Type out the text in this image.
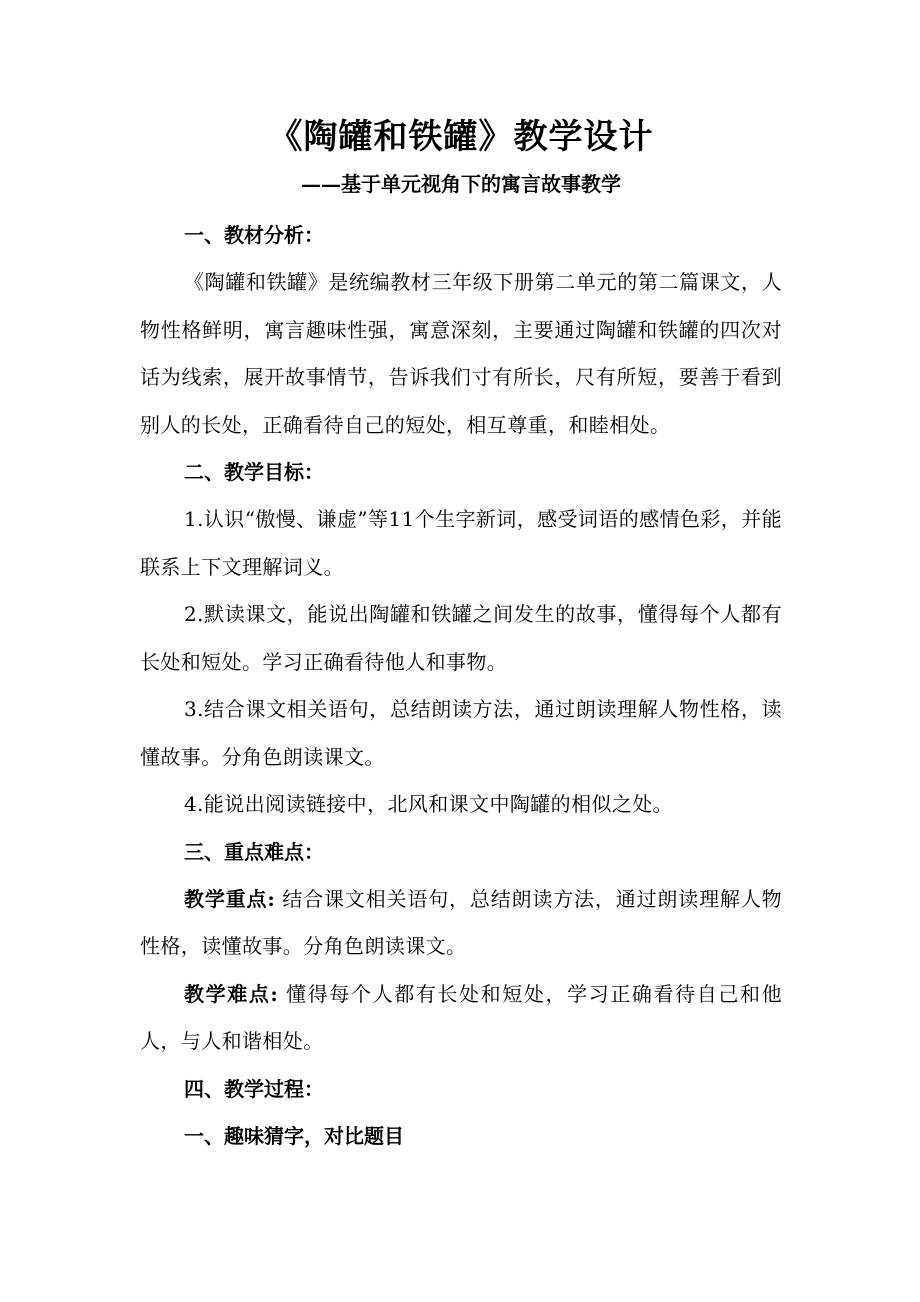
《陶罐和铁罐》教学设计
——基于单元视角下的寓言故事教学

一、教材分析：

《陶罐和铁罐》是统编教材三年级下册第二单元的第二篇课文，人物性格鲜明，寓言趣味性强，寓意深刻，主要通过陶罐和铁罐的四次对话为线索，展开故事情节，告诉我们寸有所长，尺有所短，要善于看到别人的长处，正确看待自己的短处，相互尊重，和睦相处。

二、教学目标：

1.认识“傲慢、谦虚”等11个生字新词，感受词语的感情色彩，并能联系上下文理解词义。

2.默读课文，能说出陶罐和铁罐之间发生的故事，懂得每个人都有长处和短处。学习正确看待他人和事物。

3.结合课文相关语句，总结朗读方法，通过朗读理解人物性格，读懂故事。分角色朗读课文。

4.能说出阅读链接中，北风和课文中陶罐的相似之处。

三、重点难点：

教学重点: 结合课文相关语句，总结朗读方法，通过朗读理解人物性格，读懂故事。分角色朗读课文。

教学难点: 懂得每个人都有长处和短处，学习正确看待自己和他人，与人和谐相处。

四、教学过程：

一、趣味猜字，对比题目
